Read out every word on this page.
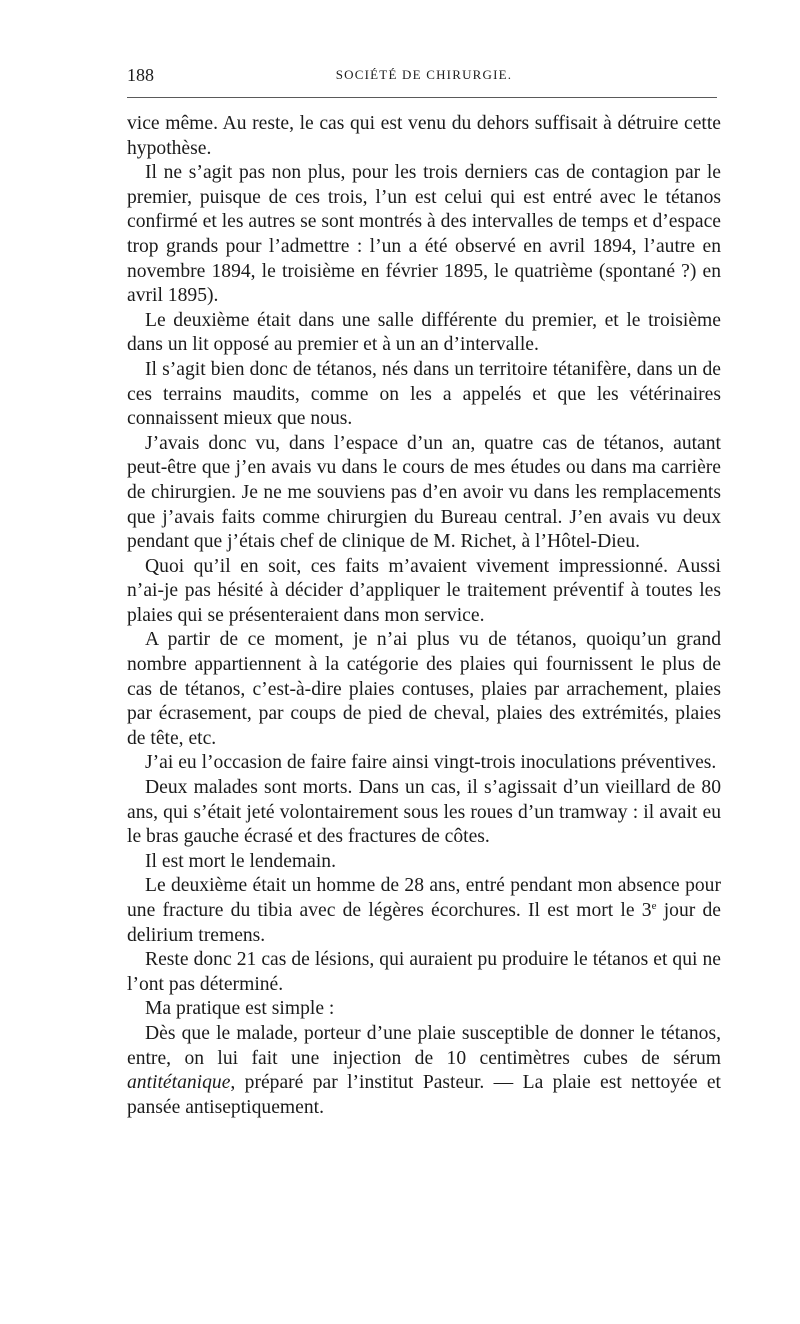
188	SOCIÉTÉ DE CHIRURGIE.

vice même. Au reste, le cas qui est venu du dehors suffisait à détruire cette hypothèse.

Il ne s’agit pas non plus, pour les trois derniers cas de contagion par le premier, puisque de ces trois, l’un est celui qui est entré avec le tétanos confirmé et les autres se sont montrés à des intervalles de temps et d’espace trop grands pour l’admettre : l’un a été observé en avril 1894, l’autre en novembre 1894, le troisième en février 1895, le quatrième (spontané ?) en avril 1895).

Le deuxième était dans une salle différente du premier, et le troisième dans un lit opposé au premier et à un an d’intervalle.

Il s’agit bien donc de tétanos, nés dans un territoire tétanifère, dans un de ces terrains maudits, comme on les a appelés et que les vétérinaires connaissent mieux que nous.

J’avais donc vu, dans l’espace d’un an, quatre cas de tétanos, autant peut-être que j’en avais vu dans le cours de mes études ou dans ma carrière de chirurgien. Je ne me souviens pas d’en avoir vu dans les remplacements que j’avais faits comme chirurgien du Bureau central. J’en avais vu deux pendant que j’étais chef de clinique de M. Richet, à l’Hôtel-Dieu.

Quoi qu’il en soit, ces faits m’avaient vivement impressionné. Aussi n’ai-je pas hésité à décider d’appliquer le traitement préventif à toutes les plaies qui se présenteraient dans mon service.

A partir de ce moment, je n’ai plus vu de tétanos, quoiqu’un grand nombre appartiennent à la catégorie des plaies qui fournissent le plus de cas de tétanos, c’est-à-dire plaies contuses, plaies par arrachement, plaies par écrasement, par coups de pied de cheval, plaies des extrémités, plaies de tête, etc.

J’ai eu l’occasion de faire faire ainsi vingt-trois inoculations préventives.

Deux malades sont morts. Dans un cas, il s’agissait d’un vieillard de 80 ans, qui s’était jeté volontairement sous les roues d’un tramway : il avait eu le bras gauche écrasé et des fractures de côtes.

Il est mort le lendemain.

Le deuxième était un homme de 28 ans, entré pendant mon absence pour une fracture du tibia avec de légères écorchures. Il est mort le 3e jour de delirium tremens.

Reste donc 21 cas de lésions, qui auraient pu produire le tétanos et qui ne l’ont pas déterminé.

Ma pratique est simple :

Dès que le malade, porteur d’une plaie susceptible de donner le tétanos, entre, on lui fait une injection de 10 centimètres cubes de sérum antitétanique, préparé par l’institut Pasteur. — La plaie est nettoyée et pansée antiseptiquement.
